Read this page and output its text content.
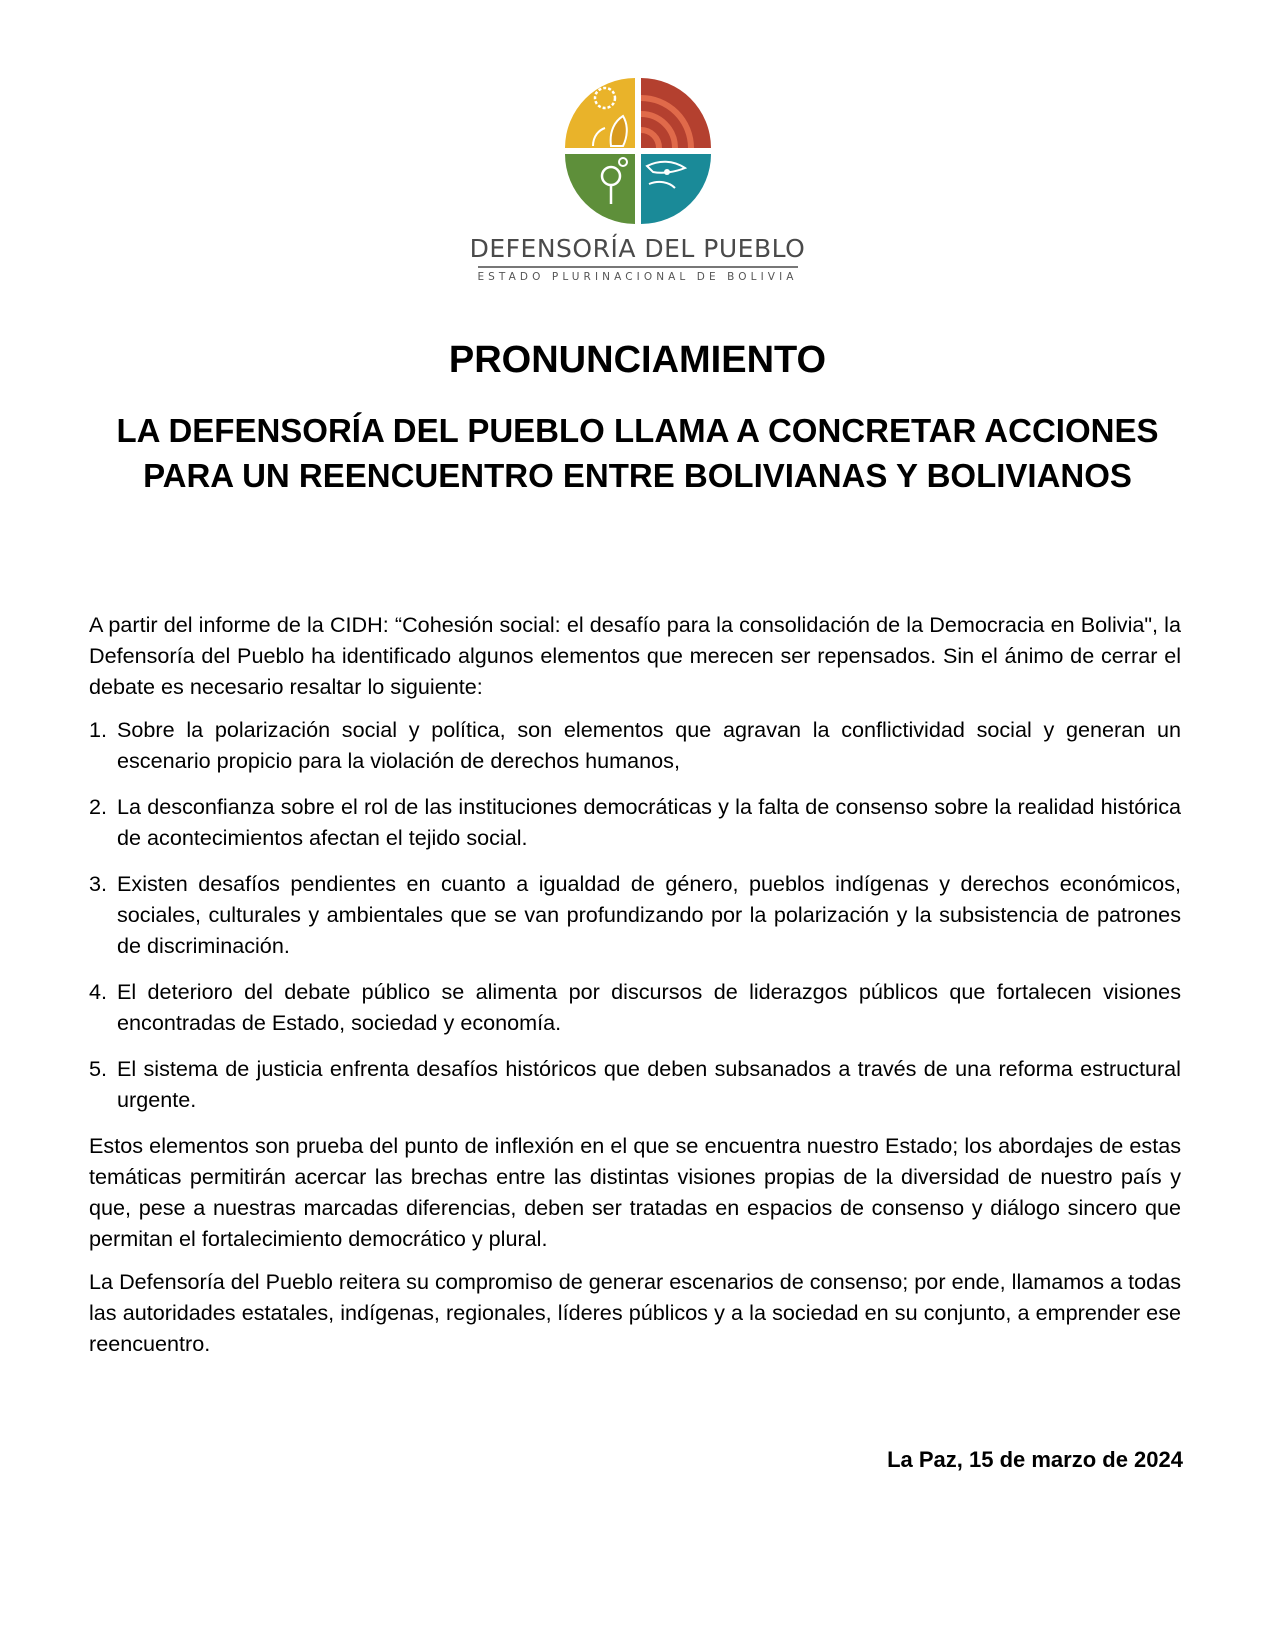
DEFENSORÍA DEL PUEBLO
ESTADO PLURINACIONAL DE BOLIVIA
PRONUNCIAMIENTO
LA DEFENSORÍA DEL PUEBLO LLAMA A CONCRETAR ACCIONES PARA UN REENCUENTRO ENTRE BOLIVIANAS Y BOLIVIANOS

A partir del informe de la CIDH: “Cohesión social: el desafío para la consolidación de la Democracia en Bolivia", la Defensoría del Pueblo ha identificado algunos elementos que merecen ser repensados. Sin el ánimo de cerrar el debate es necesario resaltar lo siguiente:

1. Sobre la polarización social y política, son elementos que agravan la conflictividad social y generan un escenario propicio para la violación de derechos humanos,
2. La desconfianza sobre el rol de las instituciones democráticas y la falta de consenso sobre la realidad histórica de acontecimientos afectan el tejido social.
3. Existen desafíos pendientes en cuanto a igualdad de género, pueblos indígenas y derechos económicos, sociales, culturales y ambientales que se van profundizando por la polarización y la subsistencia de patrones de discriminación.
4. El deterioro del debate público se alimenta por discursos de liderazgos públicos que fortalecen visiones encontradas de Estado, sociedad y economía.
5. El sistema de justicia enfrenta desafíos históricos que deben subsanados a través de una reforma estructural urgente.

Estos elementos son prueba del punto de inflexión en el que se encuentra nuestro Estado; los abordajes de estas temáticas permitirán acercar las brechas entre las distintas visiones propias de la diversidad de nuestro país y que, pese a nuestras marcadas diferencias, deben ser tratadas en espacios de consenso y diálogo sincero que permitan el fortalecimiento democrático y plural.

La Defensoría del Pueblo reitera su compromiso de generar escenarios de consenso; por ende, llamamos a todas las autoridades estatales, indígenas, regionales, líderes públicos y a la sociedad en su conjunto, a emprender ese reencuentro.

La Paz, 15 de marzo de 2024
